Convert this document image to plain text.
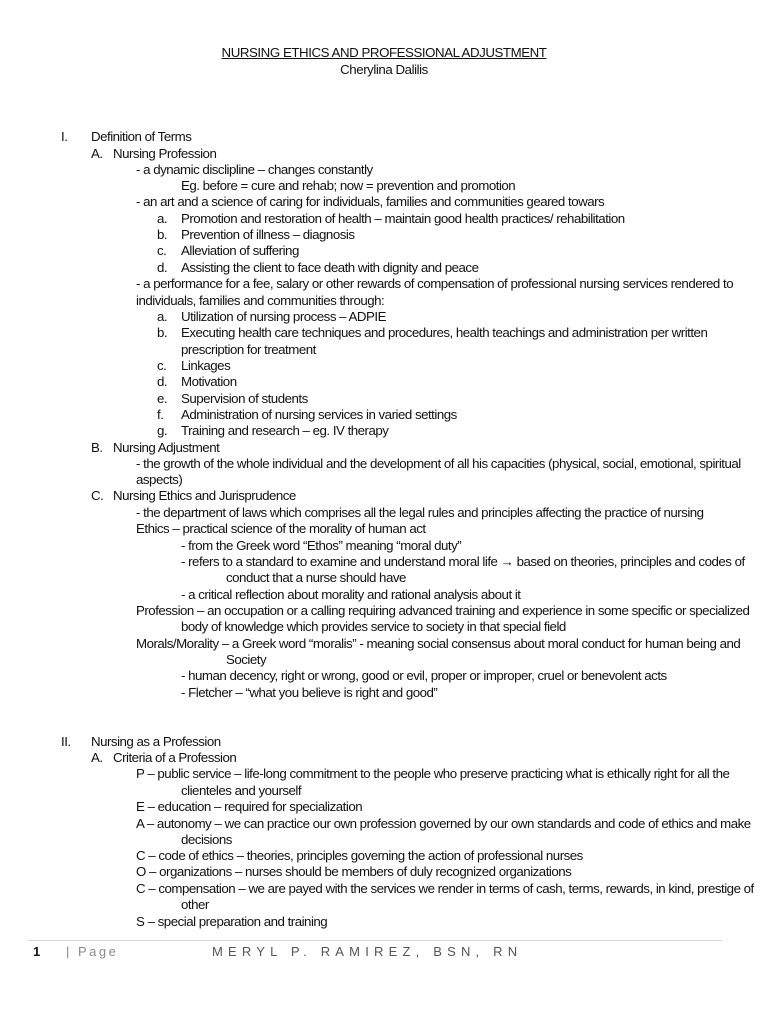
NURSING ETHICS AND PROFESSIONAL ADJUSTMENT
Cherylina Dalilis
I. Definition of Terms
A. Nursing Profession
- a dynamic disclipline – changes constantly
Eg. before = cure and rehab; now = prevention and promotion
- an art and a science of caring for individuals, families and communities geared towars
a. Promotion and restoration of health – maintain good health practices/ rehabilitation
b. Prevention of illness – diagnosis
c. Alleviation of suffering
d. Assisting the client to face death with dignity and peace
- a performance for a fee, salary or other rewards of compensation of professional nursing services rendered to
individuals, families and communities through:
a. Utilization of nursing process – ADPIE
b. Executing health care techniques and procedures, health teachings and administration per written
prescription for treatment
c. Linkages
d. Motivation
e. Supervision of students
f. Administration of nursing services in varied settings
g. Training and research – eg. IV therapy
B. Nursing Adjustment
- the growth of the whole individual and the development of all his capacities (physical, social, emotional, spiritual
aspects)
C. Nursing Ethics and Jurisprudence
- the department of laws which comprises all the legal rules and principles affecting the practice of nursing
Ethics – practical science of the morality of human act
- from the Greek word “Ethos” meaning “moral duty”
- refers to a standard to examine and understand moral life → based on theories, principles and codes of
conduct that a nurse should have
- a critical reflection about morality and rational analysis about it
Profession – an occupation or a calling requiring advanced training and experience in some specific or specialized
body of knowledge which provides service to society in that special field
Morals/Morality – a Greek word “moralis” - meaning social consensus about moral conduct for human being and
Society
- human decency, right or wrong, good or evil, proper or improper, cruel or benevolent acts
- Fletcher – “what you believe is right and good”
II. Nursing as a Profession
A. Criteria of a Profession
P – public service – life-long commitment to the people who preserve practicing what is ethically right for all the
clienteles and yourself
E – education – required for specialization
A – autonomy – we can practice our own profession governed by our own standards and code of ethics and make
decisions
C – code of ethics – theories, principles governing the action of professional nurses
O – organizations – nurses should be members of duly recognized organizations
C – compensation – we are payed with the services we render in terms of cash, terms, rewards, in kind, prestige of
other
S – special preparation and training
1 | Page	MERYL P. RAMIREZ, BSN, RN
